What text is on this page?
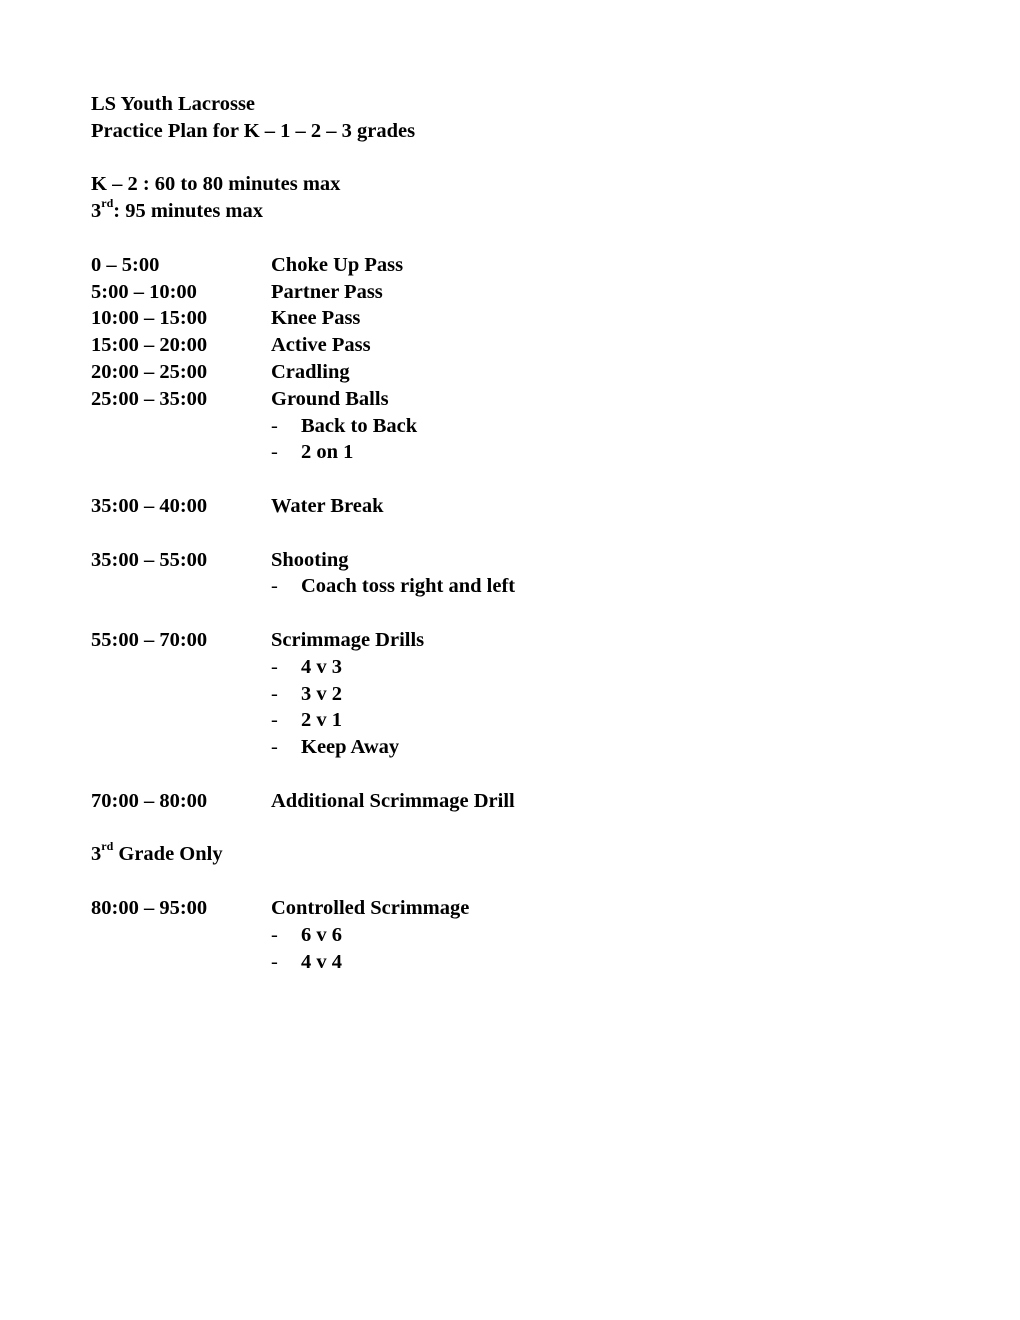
LS Youth Lacrosse
Practice Plan for K – 1 – 2 – 3 grades
K – 2 : 60 to 80 minutes max
3rd: 95 minutes max
0 – 5:00	Choke Up Pass
5:00 – 10:00	Partner Pass
10:00 – 15:00	Knee Pass
15:00 – 20:00	Active Pass
20:00 – 25:00	Cradling
25:00 – 35:00	Ground Balls
-	Back to Back
-	2 on 1
35:00 – 40:00	Water Break
35:00 – 55:00	Shooting
-	Coach toss right and left
55:00 – 70:00	Scrimmage Drills
-	4 v 3
-	3 v 2
-	2 v 1
-	Keep Away
70:00 – 80:00	Additional Scrimmage Drill
3rd Grade Only
80:00 – 95:00	Controlled Scrimmage
-	6 v 6
-	4 v 4
